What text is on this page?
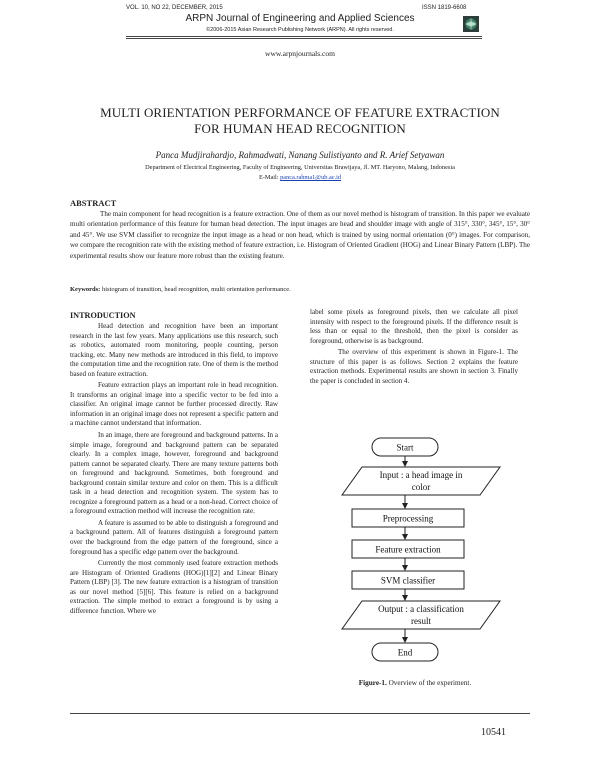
VOL. 10, NO 22, DECEMBER, 2015	ISSN 1819-6608
ARPN Journal of Engineering and Applied Sciences
©2006-2015 Asian Research Publishing Network (ARPN). All rights reserved.
www.arpnjournals.com
MULTI ORIENTATION PERFORMANCE OF FEATURE EXTRACTION
FOR HUMAN HEAD RECOGNITION
Panca Mudjirahardjo, Rahmadwati, Nanang Sulistiyanto and R. Arief Setyawan
Department of Electrical Engineering, Faculty of Engineering, Universitas Brawijaya, Jl. MT. Haryono, Malang, Indonesia
E-Mail: panca.rahma1@ub.ac.id
ABSTRACT

The main component for head recognition is a feature extraction. One of them as our novel method is histogram of transition. In this paper we evaluate multi orientation performance of this feature for human head detection. The input images are head and shoulder image with angle of 315°, 330°, 345°, 15°, 30° and 45°. We use SVM classifier to recognize the input image as a head or non head, which is trained by using normal orientation (0°) images. For comparison, we compare the recognition rate with the existing method of feature extraction, i.e. Histogram of Oriented Gradient (HOG) and Linear Binary Pattern (LBP). The experimental results show our feature more robust than the existing feature.

Keywords: histogram of transition, head recognition, multi orientation performance.

INTRODUCTION

Head detection and recognition have been an important research in the last few years. Many applications use this research, such as robotics, automated room monitoring, people counting, person tracking, etc. Many new methods are introduced in this field, to improve the computation time and the recognition rate. One of them is the method based on feature extraction.

Feature extraction plays an important role in head recognition. It transforms an original image into a specific vector to be fed into a classifier. An original image cannot be further processed directly. Raw information in an original image does not represent a specific pattern and a machine cannot understand that information.

In an image, there are foreground and background patterns. In a simple image, foreground and background pattern can be separated clearly. In a complex image, however, foreground and background pattern cannot be separated clearly. There are many texture patterns both on foreground and background. Sometimes, both foreground and background contain similar texture and color on them. This is a difficult task in a head detection and recognition system. The system has to recognize a foreground pattern as a head or a non-head. Correct choice of a foreground extraction method will increase the recognition rate.

A feature is assumed to be able to distinguish a foreground and a background pattern. All of features distinguish a foreground pattern over the background from the edge pattern of the foreground, since a foreground has a specific edge pattern over the background.

Currently the most commonly used feature extraction methods are Histogram of Oriented Gradients (HOG)[1][2] and Linear Binary Pattern (LBP) [3]. The new feature extraction is a histogram of transition as our novel method [5][6]. This feature is relied on a background extraction. The simple method to extract a foreground is by using a difference function. Where we

label some pixels as foreground pixels, then we calculate all pixel intensity with respect to the foreground pixels. If the difference result is less than or equal to the threshold, then the pixel is consider as foreground, otherwise is as background.

The overview of this experiment is shown in Figure-1. The structure of this paper is as follows. Section 2 explains the feature extraction methods. Experimental results are shown in section 3. Finally the paper is concluded in section 4.

Start
Input : a head image in
color
Preprocessing
Feature extraction
SVM classifier
Output : a classification
result
End
Figure-1. Overview of the experiment.
10541
